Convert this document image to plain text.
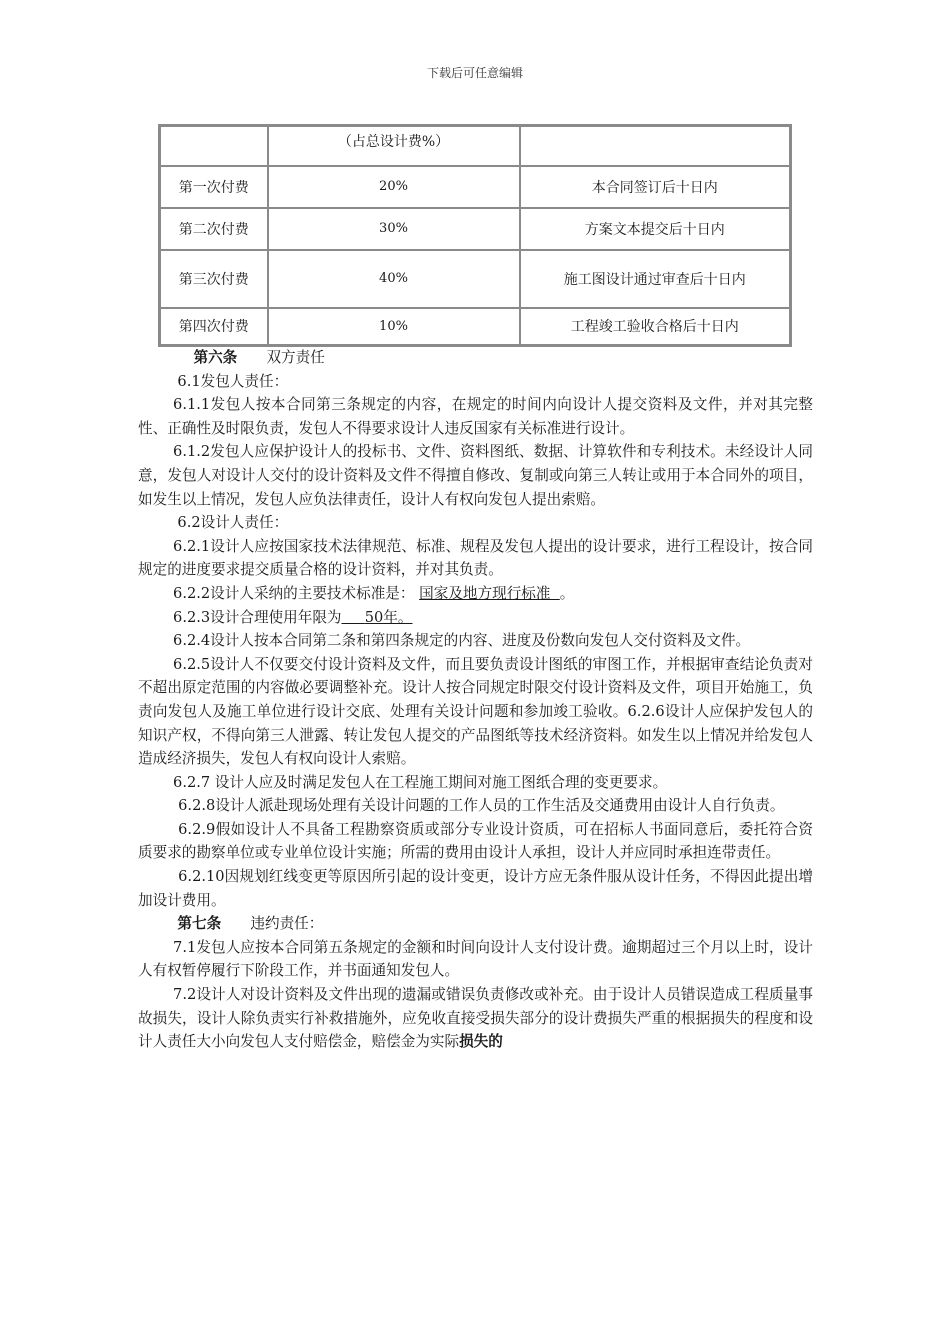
下载后可任意编辑
	（占总设计费%）	
第一次付费	20%	本合同签订后十日内
第二次付费	30%	方案文本提交后十日内
第三次付费	40%	施工图设计通过审查后十日内
第四次付费	10%	工程竣工验收合格后十日内

第六条 双方责任

6.1发包人责任：

6.1.1发包人按本合同第三条规定的内容，在规定的时间内向设计人提交资料及文件，并对其完整性、正确性及时限负责，发包人不得要求设计人违反国家有关标准进行设计。

6.1.2发包人应保护设计人的投标书、文件、资料图纸、数据、计算软件和专利技术。未经设计人同意，发包人对设计人交付的设计资料及文件不得擅自修改、复制或向第三人转让或用于本合同外的项目，如发生以上情况，发包人应负法律责任，设计人有权向发包人提出索赔。

6.2设计人责任：

6.2.1设计人应按国家技术法律规范、标准、规程及发包人提出的设计要求，进行工程设计，按合同规定的进度要求提交质量合格的设计资料，并对其负责。

6.2.2设计人采纳的主要技术标准是： 国家及地方现行标准 。

6.2.3设计合理使用年限为 50年。

6.2.4设计人按本合同第二条和第四条规定的内容、进度及份数向发包人交付资料及文件。

6.2.5设计人不仅要交付设计资料及文件，而且要负责设计图纸的审图工作，并根据审查结论负责对不超出原定范围的内容做必要调整补充。设计人按合同规定时限交付设计资料及文件，项目开始施工，负责向发包人及施工单位进行设计交底、处理有关设计问题和参加竣工验收。6.2.6设计人应保护发包人的知识产权，不得向第三人泄露、转让发包人提交的产品图纸等技术经济资料。如发生以上情况并给发包人造成经济损失，发包人有权向设计人索赔。

6.2.7 设计人应及时满足发包人在工程施工期间对施工图纸合理的变更要求。

6.2.8设计人派赴现场处理有关设计问题的工作人员的工作生活及交通费用由设计人自行负责。

6.2.9假如设计人不具备工程勘察资质或部分专业设计资质，可在招标人书面同意后，委托符合资质要求的勘察单位或专业单位设计实施；所需的费用由设计人承担，设计人并应同时承担连带责任。

6.2.10因规划红线变更等原因所引起的设计变更，设计方应无条件服从设计任务，不得因此提出增加设计费用。

第七条 违约责任：

7.1发包人应按本合同第五条规定的金额和时间向设计人支付设计费。逾期超过三个月以上时，设计人有权暂停履行下阶段工作，并书面通知发包人。

7.2设计人对设计资料及文件出现的遗漏或错误负责修改或补充。由于设计人员错误造成工程质量事故损失，设计人除负责实行补救措施外，应免收直接受损失部分的设计费损失严重的根据损失的程度和设计人责任大小向发包人支付赔偿金，赔偿金为实际损失的
